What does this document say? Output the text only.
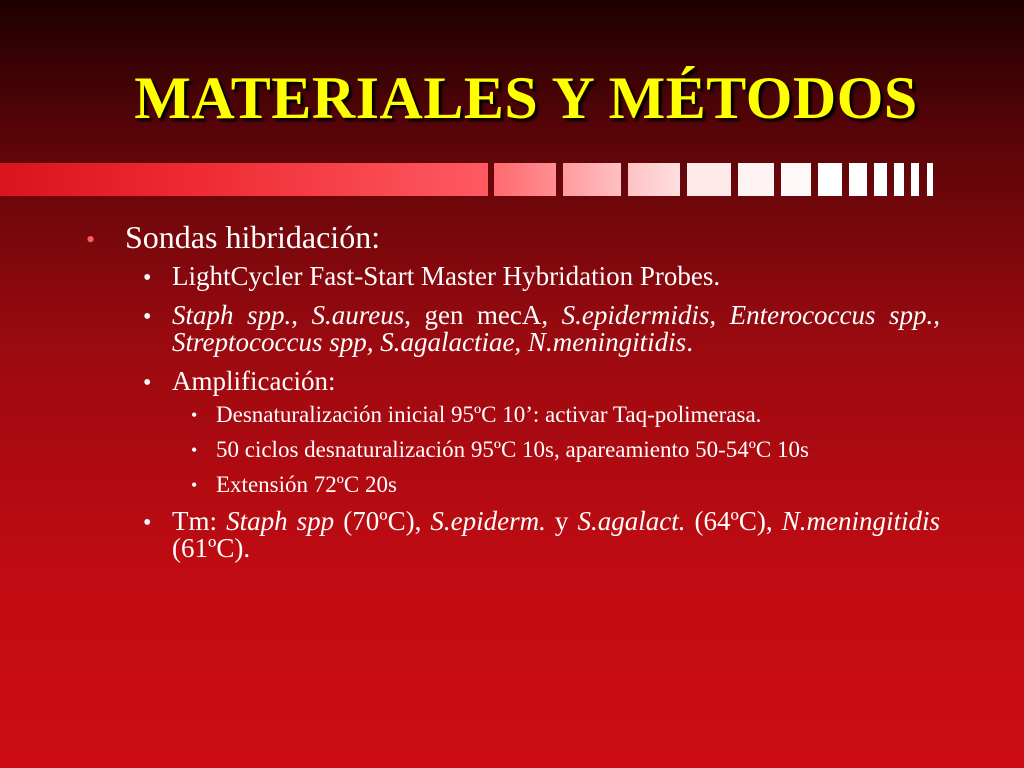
MATERIALES Y MÉTODOS
• Sondas hibridación:
• LightCycler Fast-Start Master Hybridation Probes.
• Staph spp., S.aureus, gen mecA, S.epidermidis, Enterococcus spp., Streptococcus spp, S.agalactiae, N.meningitidis.
• Amplificación:
• Desnaturalización inicial 95ºC 10’: activar Taq-polimerasa.
• 50 ciclos desnaturalización 95ºC 10s, apareamiento 50-54ºC 10s
• Extensión 72ºC 20s
• Tm: Staph spp (70ºC), S.epiderm. y S.agalact. (64ºC), N.meningitidis (61ºC).
